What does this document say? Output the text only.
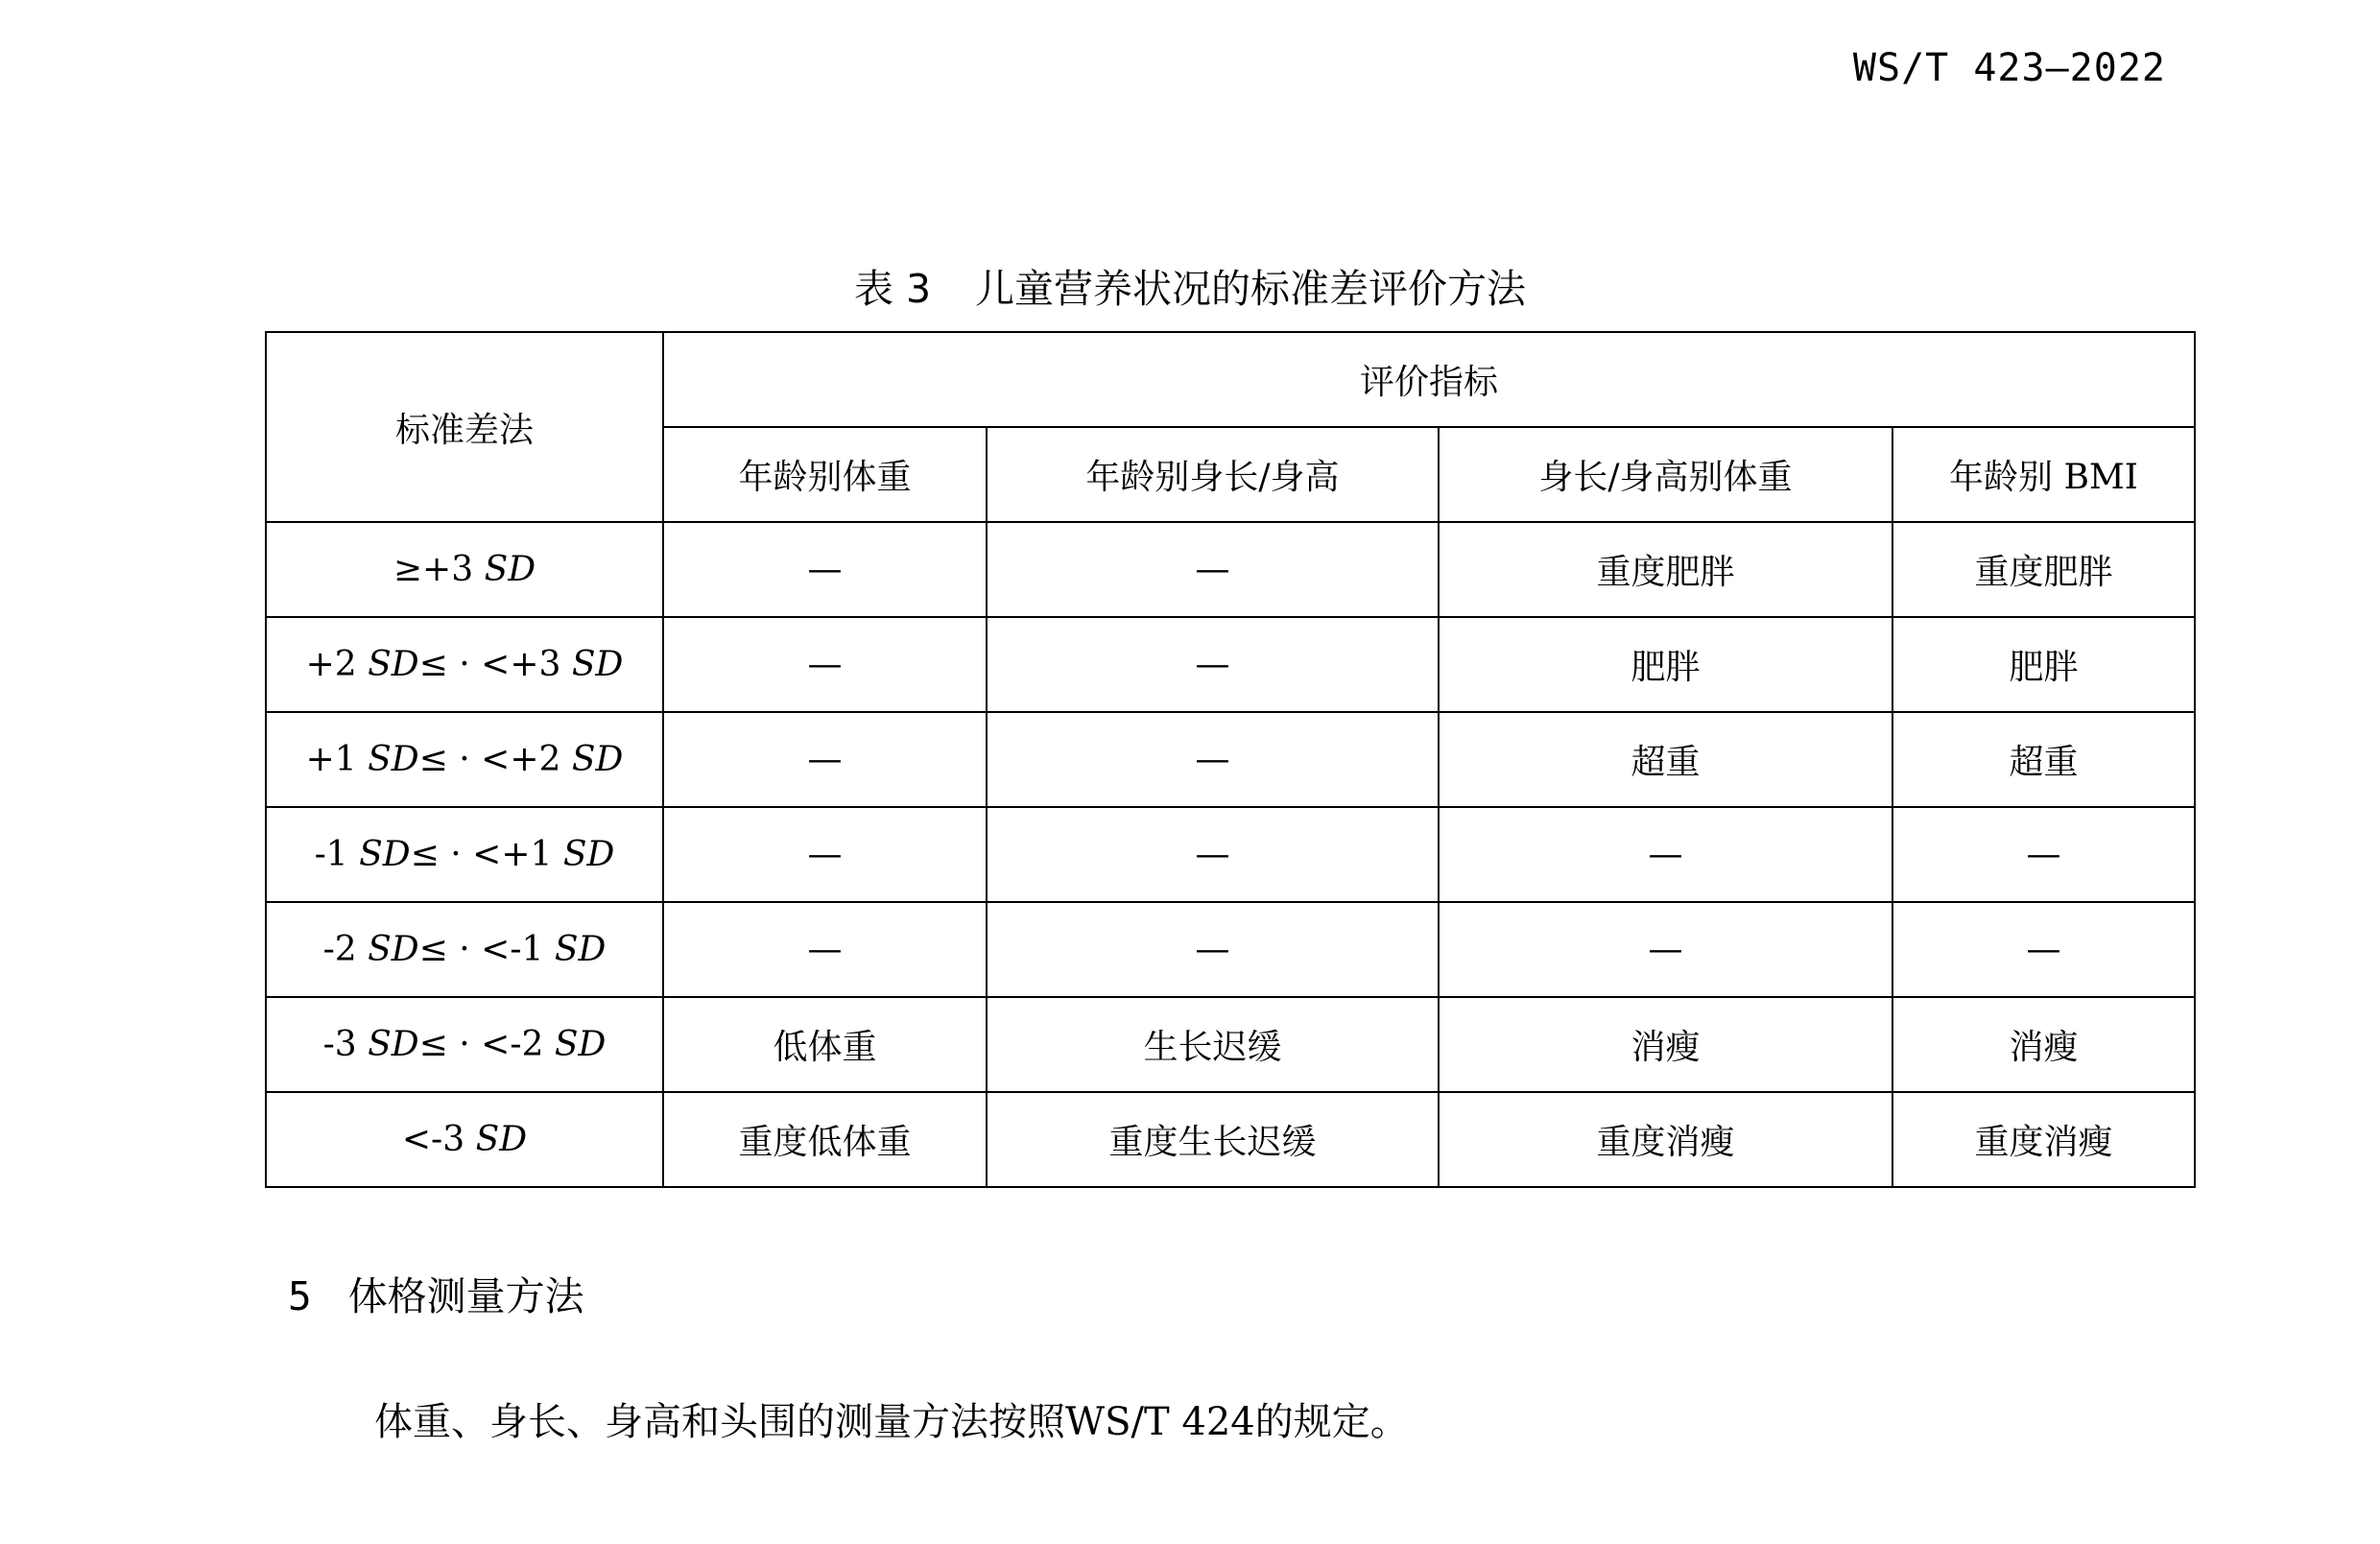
WS/T 423—2022
表 3 儿童营养状况的标准差评价方法
标准差法	评价指标			
	年龄别体重	年龄别身长/身高	身长/身高别体重	年龄别 BMI
≥+3 SD	—	—	重度肥胖	重度肥胖
+2 SD≤ · <+3 SD	—	—	肥胖	肥胖
+1 SD≤ · <+2 SD	—	—	超重	超重
-1 SD≤ · <+1 SD	—	—	—	—
-2 SD≤ · <-1 SD	—	—	—	—
-3 SD≤ · <-2 SD	低体重	生长迟缓	消瘦	消瘦
<-3 SD	重度低体重	重度生长迟缓	重度消瘦	重度消瘦
5 体格测量方法
体重、身长、身高和头围的测量方法按照WS/T 424的规定。
